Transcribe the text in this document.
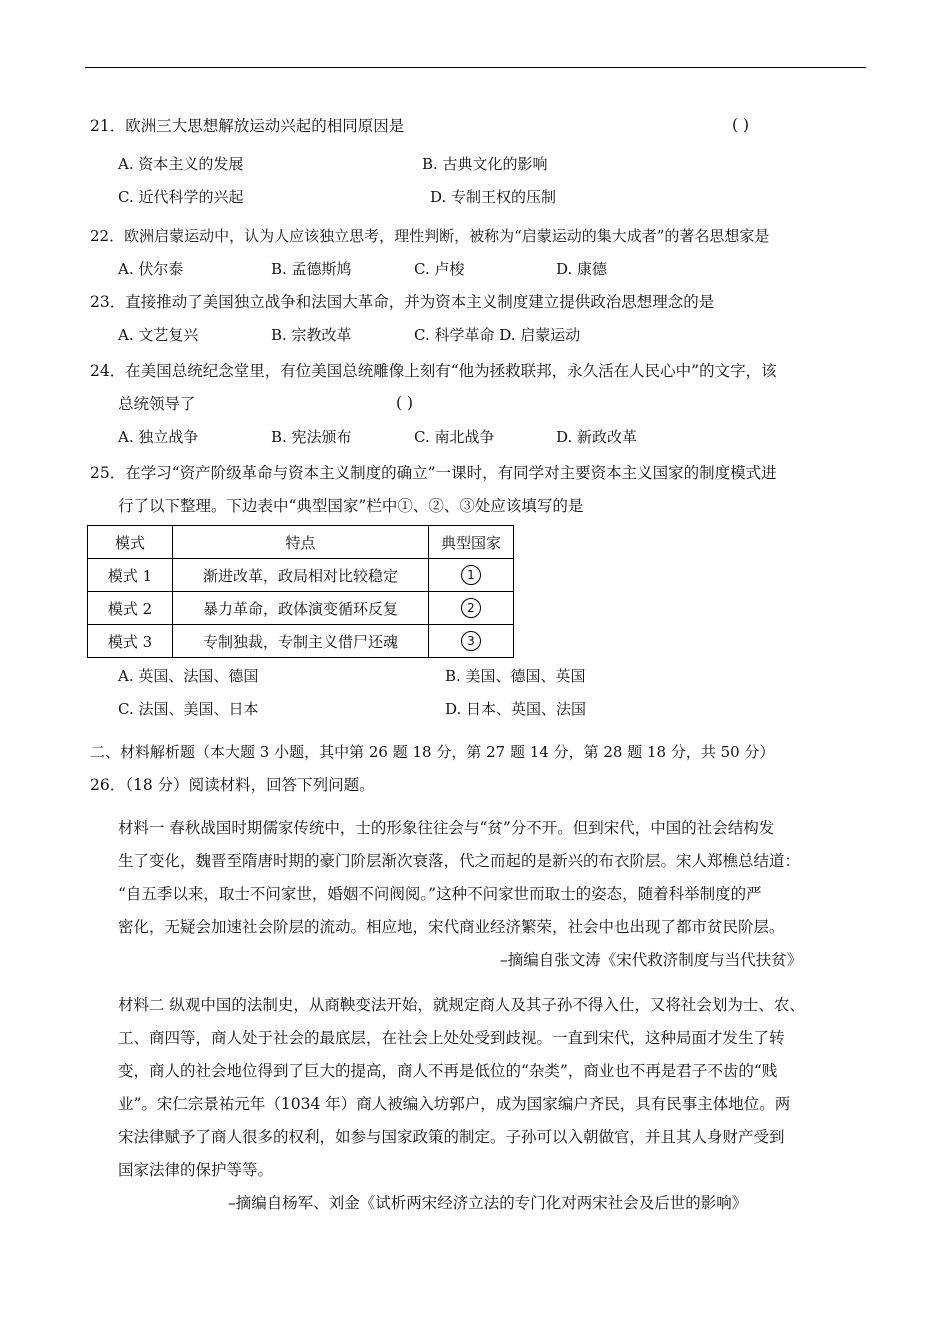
21．欧洲三大思想解放运动兴起的相同原因是	( )
A. 资本主义的发展	B. 古典文化的影响
C. 近代科学的兴起	D. 专制王权的压制
22．欧洲启蒙运动中，认为人应该独立思考，理性判断，被称为“启蒙运动的集大成者”的著名思想家是
A. 伏尔泰	B. 孟德斯鸠	C. 卢梭	D. 康德
23．直接推动了美国独立战争和法国大革命，并为资本主义制度建立提供政治思想理念的是
A. 文艺复兴	B. 宗教改革	C. 科学革命 D. 启蒙运动
24．在美国总统纪念堂里，有位美国总统雕像上刻有“他为拯救联邦，永久活在人民心中”的文字，该
总统领导了	( )
A. 独立战争	B. 宪法颁布	C. 南北战争	D. 新政改革
25．在学习“资产阶级革命与资本主义制度的确立”一课时，有同学对主要资本主义国家的制度模式进
行了以下整理。下边表中“典型国家”栏中①、②、③处应该填写的是
模式	特点	典型国家
模式 1	渐进改革，政局相对比较稳定	1
模式 2	暴力革命，政体演变循环反复	2
模式 3	专制独裁，专制主义借尸还魂	3
A. 英国、法国、德国	B. 美国、德国、英国
C. 法国、美国、日本	D. 日本、英国、法国
二、材料解析题（本大题 3 小题，其中第 26 题 18 分，第 27 题 14 分，第 28 题 18 分，共 50 分）
26．（18 分）阅读材料，回答下列问题。
材料一 春秋战国时期儒家传统中，士的形象往往会与“贫”分不开。但到宋代，中国的社会结构发
生了变化，魏晋至隋唐时期的豪门阶层渐次衰落，代之而起的是新兴的布衣阶层。宋人郑樵总结道：
“自五季以来，取士不问家世，婚姻不问阀阅。”这种不问家世而取士的姿态，随着科举制度的严
密化，无疑会加速社会阶层的流动。相应地，宋代商业经济繁荣，社会中也出现了都市贫民阶层。
–摘编自张文涛《宋代救济制度与当代扶贫》
材料二 纵观中国的法制史，从商鞅变法开始，就规定商人及其子孙不得入仕，又将社会划为士、农、
工、商四等，商人处于社会的最底层，在社会上处处受到歧视。一直到宋代，这种局面才发生了转
变，商人的社会地位得到了巨大的提高，商人不再是低位的“杂类”，商业也不再是君子不齿的“贱
业”。宋仁宗景祐元年（1034 年）商人被编入坊郭户，成为国家编户齐民，具有民事主体地位。两
宋法律赋予了商人很多的权利，如参与国家政策的制定。子孙可以入朝做官，并且其人身财产受到
国家法律的保护等等。
–摘编自杨军、刘金《试析两宋经济立法的专门化对两宋社会及后世的影响》
